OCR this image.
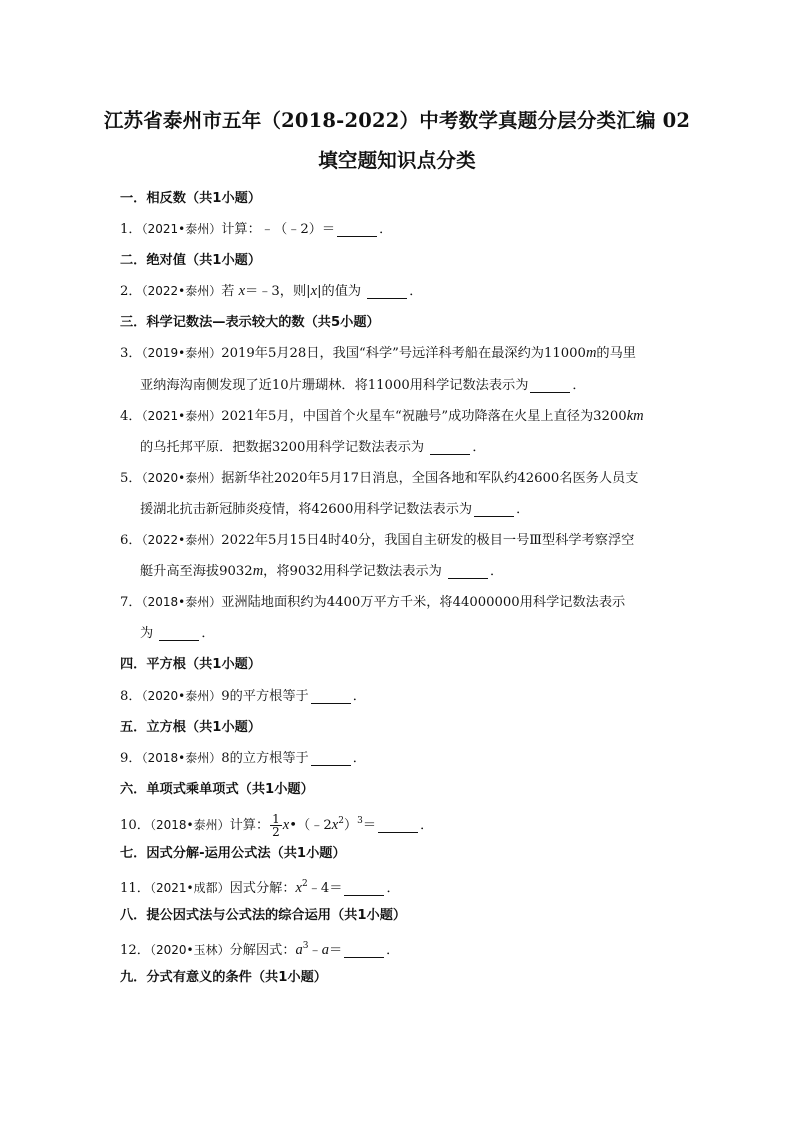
江苏省泰州市五年（2018-2022）中考数学真题分层分类汇编 02
填空题知识点分类
一．相反数（共1小题）
1．（2021•泰州）计算：﹣（﹣2）＝	．
二．绝对值（共1小题）
2．（2022•泰州）若 x＝﹣3，则|x|的值为	．
三．科学记数法—表示较大的数（共5小题）
3．（2019•泰州）2019年5月28日，我国“科学”号远洋科考船在最深约为11000m的马里
亚纳海沟南侧发现了近10片珊瑚林．将11000用科学记数法表示为	．
4．（2021•泰州）2021年5月，中国首个火星车“祝融号”成功降落在火星上直径为3200km
的乌托邦平原．把数据3200用科学记数法表示为	．
5．（2020•泰州）据新华社2020年5月17日消息，全国各地和军队约42600名医务人员支
援湖北抗击新冠肺炎疫情，将42600用科学记数法表示为	．
6．（2022•泰州）2022年5月15日4时40分，我国自主研发的极目一号Ⅲ型科学考察浮空
艇升高至海拔9032m，将9032用科学记数法表示为	．
7．（2018•泰州）亚洲陆地面积约为4400万平方千米，将44000000用科学记数法表示
为	．
四．平方根（共1小题）
8．（2020•泰州）9的平方根等于	．
五．立方根（共1小题）
9．（2018•泰州）8的立方根等于	．
六．单项式乘单项式（共1小题）
10．（2018•泰州）计算： $\frac{1}{2}$ $x•(﹣2x^2)^3=$	．
七．因式分解-运用公式法（共1小题）
11．（2021•成都）因式分解：$x^2﹣4=$	．
八．提公因式法与公式法的综合运用（共1小题）
12．（2020•玉林）分解因式：$a^3﹣a=$	．
九．分式有意义的条件（共1小题）
